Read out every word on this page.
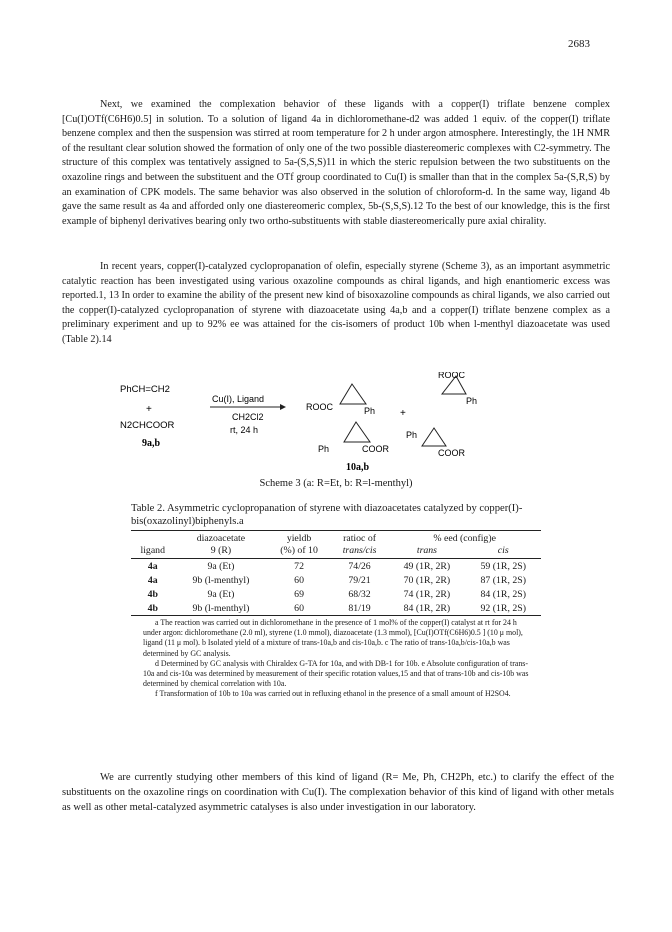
2683

Next, we examined the complexation behavior of these ligands with a copper(I) triflate benzene complex [Cu(I)OTf(C6H6)0.5] in solution. To a solution of ligand 4a in dichloromethane-d2 was added 1 equiv. of the copper(I) triflate benzene complex and then the suspension was stirred at room temperature for 2 h under argon atmosphere. Interestingly, the 1H NMR of the resultant clear solution showed the formation of only one of the two possible diastereomeric complexes with C2-symmetry. The structure of this complex was tentatively assigned to 5a-(S,S,S)11 in which the steric repulsion between the two substituents on the oxazoline rings and between the substituent and the OTf group coordinated to Cu(I) is smaller than that in the complex 5a-(S,R,S) by an examination of CPK models. The same behavior was also observed in the solution of chloroform-d. In the same way, ligand 4b gave the same result as 4a and afforded only one diastereomeric complex, 5b-(S,S,S).12 To the best of our knowledge, this is the first example of biphenyl derivatives bearing only two ortho-substituents with stable diastereomerically pure axial chirality.

In recent years, copper(I)-catalyzed cyclopropanation of olefin, especially styrene (Scheme 3), as an important asymmetric catalytic reaction has been investigated using various oxazoline compounds as chiral ligands, and high enantiomeric excess was reported.1, 13 In order to examine the ability of the present new kind of bisoxazoline compounds as chiral ligands, we also carried out the copper(I)-catalyzed cyclopropanation of styrene with diazoacetate using 4a,b and a copper(I) triflate benzene complex as a preliminary experiment and up to 92% ee was attained for the cis-isomers of product 10b when l-menthyl diazoacetate was used (Table 2).14

PhCH=CH2
+
N2CHCOOR
9a,b
Cu(I), Ligand
CH2Cl2
rt, 24 h
ROOC	Ph +
ROOC
Ph
Ph	COOR
Ph
COOR
10a,b
Scheme 3 (a: R=Et, b: R=l-menthyl)

Table 2. Asymmetric cyclopropanation of styrene with diazoacetates catalyzed by copper(I)-bis(oxazolinyl)biphenyls.a

	diazoacetate	yieldb	ratioc of	% eed (config)e	
ligand	9 (R)	(%) of 10	trans/cis	trans	cis
4a	9a (Et)	72	74/26	49 (1R, 2R)	59 (1R, 2S)
4a	9b (l-menthyl)	60	79/21	70 (1R, 2R)	87 (1R, 2S)
4b	9a (Et)	69	68/32	74 (1R, 2R)	84 (1R, 2S)
4b	9b (l-menthyl)	60	81/19	84 (1R, 2R)	92 (1R, 2S)

a The reaction was carried out in dichloromethane in the presence of 1 mol% of the copper(I) catalyst at rt for 24 h under argon: dichloromethane (2.0 ml), styrene (1.0 mmol), diazoacetate (1.3 mmol), [Cu(I)OTf(C6H6)0.5 ] (10 μ mol), ligand (11 μ mol). b Isolated yield of a mixture of trans-10a,b and cis-10a,b. c The ratio of trans-10a,b/cis-10a,b was determined by GC analysis.

d Determined by GC analysis with Chiraldex G-TA for 10a, and with DB-1 for 10b. e Absolute configuration of trans-10a and cis-10a was determined by measurement of their specific rotation values,15 and that of trans-10b and cis-10b was determined by chemical correlation with 10a.

f Transformation of 10b to 10a was carried out in refluxing ethanol in the presence of a small amount of H2SO4.

We are currently studying other members of this kind of ligand (R= Me, Ph, CH2Ph, etc.) to clarify the effect of the substituents on the oxazoline rings on coordination with Cu(I). The complexation behavior of this kind of ligand with other metals as well as other metal-catalyzed asymmetric catalyses is also under investigation in our laboratory.
